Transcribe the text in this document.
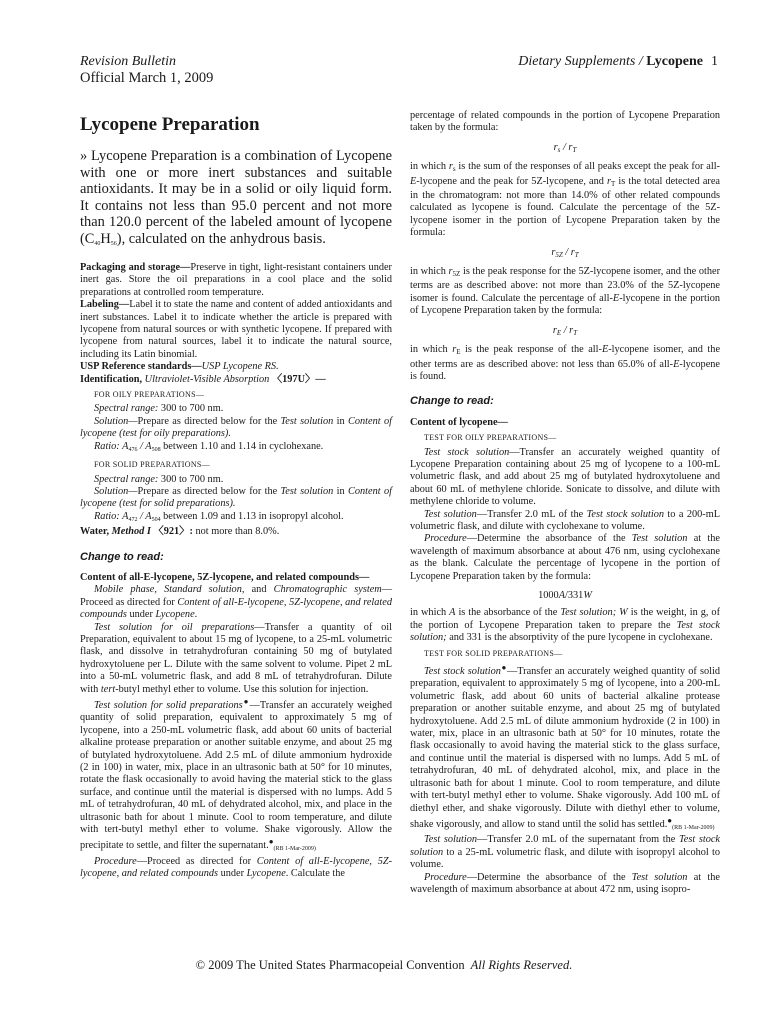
Revision Bulletin
Official March 1, 2009
Dietary Supplements / Lycopene 1

Lycopene Preparation

» Lycopene Preparation is a combination of Lycopene with one or more inert substances and suitable antioxidants. It may be in a solid or oily liquid form. It contains not less than 95.0 percent and not more than 120.0 percent of the labeled amount of lycopene (C40H56), calculated on the anhydrous basis.

Packaging and storage—Preserve in tight, light-resistant containers under inert gas. Store the oil preparations in a cool place and the solid preparations at controlled room temperature.

Labeling—Label it to state the name and content of added antioxidants and inert substances. Label it to indicate whether the article is prepared with lycopene from natural sources or with synthetic lycopene. If prepared with lycopene from natural sources, label it to indicate the natural source, including its Latin binomial.

USP Reference standards—USP Lycopene RS.

Identification, Ultraviolet-Visible Absorption 〈197U〉—

FOR OILY PREPARATIONS—

Spectral range: 300 to 700 nm.

Solution—Prepare as directed below for the Test solution in Content of lycopene (test for oily preparations).

Ratio: A476 / A508 between 1.10 and 1.14 in cyclohexane.

FOR SOLID PREPARATIONS—

Spectral range: 300 to 700 nm.

Solution—Prepare as directed below for the Test solution in Content of lycopene (test for solid preparations).

Ratio: A472 / A504 between 1.09 and 1.13 in isopropyl alcohol.

Water, Method I 〈921〉: not more than 8.0%.

Change to read:

Content of all-E-lycopene, 5Z-lycopene, and related compounds—

Mobile phase, Standard solution, and Chromatographic system—Proceed as directed for Content of all-E-lycopene, 5Z-lycopene, and related compounds under Lycopene.

Test solution for oil preparations—Transfer a quantity of oil Preparation, equivalent to about 15 mg of lycopene, to a 25-mL volumetric flask, and dissolve in tetrahydrofuran containing 50 mg of butylated hydroxytoluene per L. Dilute with the same solvent to volume. Pipet 2 mL into a 50-mL volumetric flask, and add 8 mL of tetrahydrofuran. Dilute with tert-butyl methyl ether to volume. Use this solution for injection.

Test solution for solid preparations●—Transfer an accurately weighed quantity of solid preparation, equivalent to approximately 5 mg of lycopene, into a 250-mL volumetric flask, add about 60 units of bacterial alkaline protease preparation or another suitable enzyme, and about 25 mg of butylated hydroxytoluene. Add 2.5 mL of dilute ammonium hydroxide (2 in 100) in water, mix, place in an ultrasonic bath at 50° for 10 minutes, rotate the flask occasionally to avoid having the material stick to the glass surface, and continue until the material is dispersed with no lumps. Add 5 mL of tetrahydrofuran, 40 mL of dehydrated alcohol, mix, and place in the ultrasonic bath for about 1 minute. Cool to room temperature, and dilute with tert-butyl methyl ether to volume. Shake vigorously. Allow the precipitate to settle, and filter the supernatant.●(RB 1-Mar-2009)

Procedure—Proceed as directed for Content of all-E-lycopene, 5Z-lycopene, and related compounds under Lycopene. Calculate the

percentage of related compounds in the portion of Lycopene Preparation taken by the formula:

$r_s / r_T$

in which $r_s$ is the sum of the responses of all peaks except the peak for all-E-lycopene and the peak for 5Z-lycopene, and $r_T$ is the total detected area in the chromatogram: not more than 14.0% of other related compounds calculated as lycopene is found. Calculate the percentage of the 5Z-lycopene isomer in the portion of Lycopene Preparation taken by the formula:

$r_{5Z} / r_T$

in which $r_{5Z}$ is the peak response for the 5Z-lycopene isomer, and the other terms are as described above: not more than 23.0% of the 5Z-lycopene isomer is found. Calculate the percentage of all-E-lycopene in the portion of Lycopene Preparation taken by the formula:

$r_E / r_T$

in which $r_E$ is the peak response of the all-E-lycopene isomer, and the other terms are as described above: not less than 65.0% of all-E-lycopene is found.

Change to read:

Content of lycopene—

TEST FOR OILY PREPARATIONS—

Test stock solution—Transfer an accurately weighed quantity of Lycopene Preparation containing about 25 mg of lycopene to a 100-mL volumetric flask, and add about 25 mg of butylated hydroxytoluene and about 60 mL of methylene chloride. Sonicate to dissolve, and dilute with methylene chloride to volume.

Test solution—Transfer 2.0 mL of the Test stock solution to a 200-mL volumetric flask, and dilute with cyclohexane to volume.

Procedure—Determine the absorbance of the Test solution at the wavelength of maximum absorbance at about 476 nm, using cyclohexane as the blank. Calculate the percentage of lycopene in the portion of Lycopene Preparation taken by the formula:

1000A/331W

in which A is the absorbance of the Test solution; W is the weight, in g, of the portion of Lycopene Preparation taken to prepare the Test stock solution; and 331 is the absorptivity of the pure lycopene in cyclohexane.

TEST FOR SOLID PREPARATIONS—

Test stock solution●—Transfer an accurately weighed quantity of solid preparation, equivalent to approximately 5 mg of lycopene, into a 200-mL volumetric flask, add about 60 units of bacterial alkaline protease preparation or another suitable enzyme, and about 25 mg of butylated hydroxytoluene. Add 2.5 mL of dilute ammonium hydroxide (2 in 100) in water, mix, place in an ultrasonic bath at 50° for 10 minutes, rotate the flask occasionally to avoid having the material stick to the glass surface, and continue until the material is dispersed with no lumps. Add 5 mL of tetrahydrofuran, 40 mL of dehydrated alcohol, mix, and place in the ultrasonic bath for about 1 minute. Cool to room temperature, and dilute with tert-butyl methyl ether to volume. Shake vigorously. Add 100 mL of diethyl ether, and shake vigorously. Dilute with diethyl ether to volume, shake vigorously, and allow to stand until the solid has settled.●(RB 1-Mar-2009)

Test solution—Transfer 2.0 mL of the supernatant from the Test stock solution to a 25-mL volumetric flask, and dilute with isopropyl alcohol to volume.

Procedure—Determine the absorbance of the Test solution at the wavelength of maximum absorbance at about 472 nm, using isopro-

© 2009 The United States Pharmacopeial Convention All Rights Reserved.
